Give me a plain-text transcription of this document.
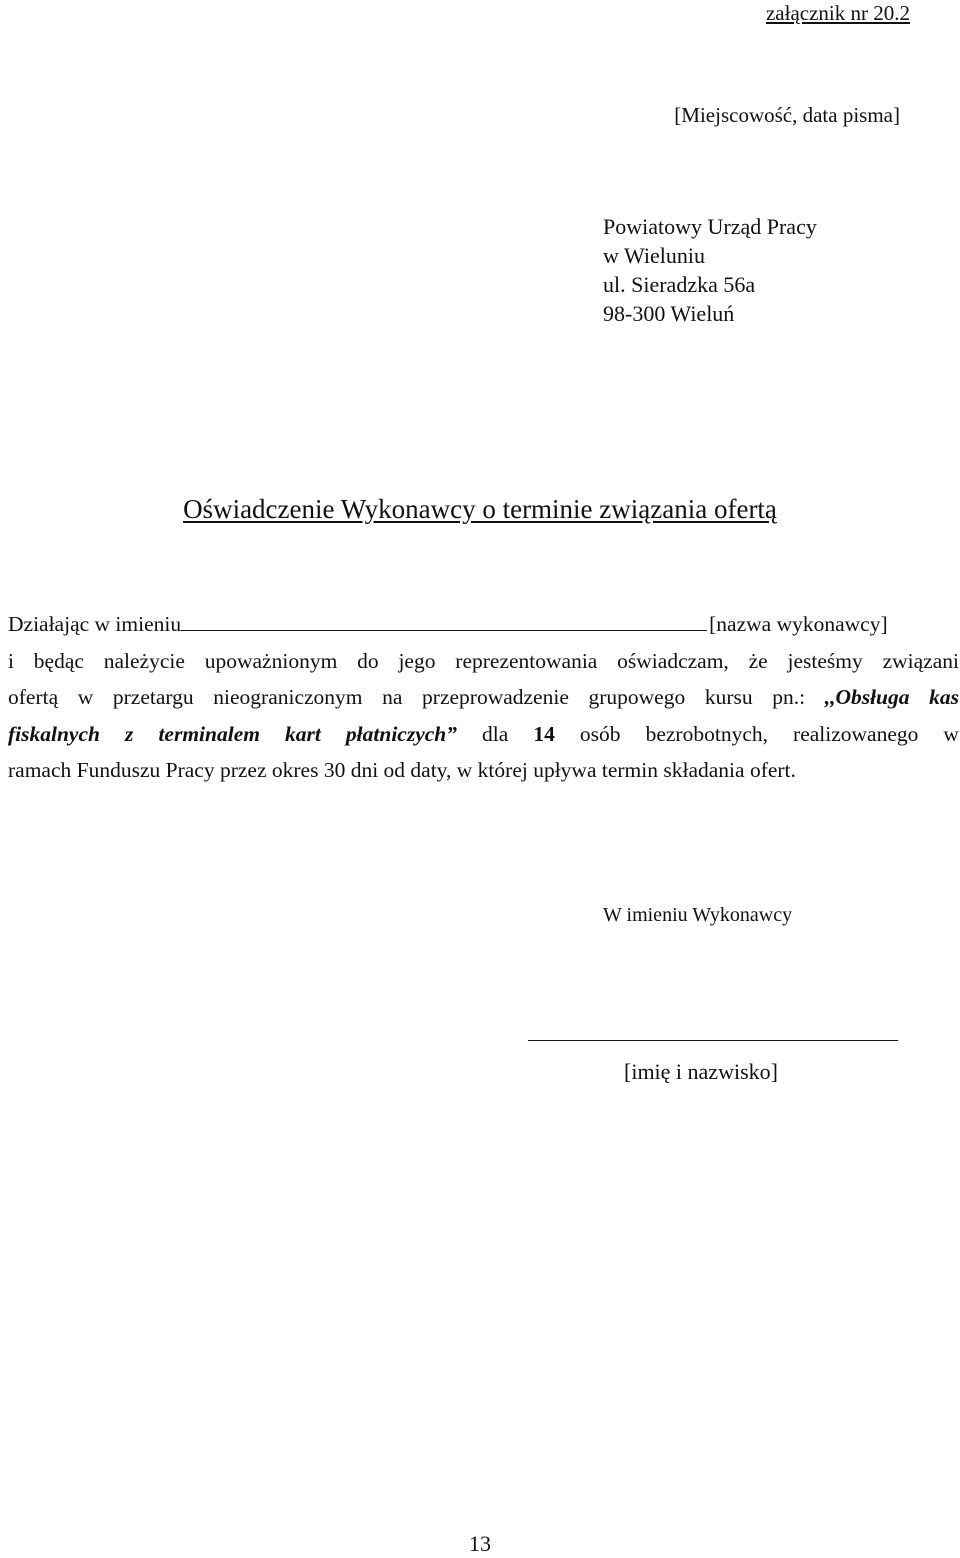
załącznik nr 20.2
[Miejscowość, data pisma]
Powiatowy Urząd Pracy
w Wieluniu
ul. Sieradzka 56a
98-300 Wieluń
Oświadczenie Wykonawcy o terminie związania ofertą
Działając w imieniu	[nazwa wykonawcy]
i będąc należycie upoważnionym do jego reprezentowania oświadczam, że jesteśmy związani
ofertą w przetargu nieograniczonym na przeprowadzenie grupowego kursu pn.: ,,Obsługa kas
fiskalnych z terminalem kart płatniczych” dla 14 osób bezrobotnych, realizowanego w
ramach Funduszu Pracy przez okres 30 dni od daty, w której upływa termin składania ofert.
W imieniu Wykonawcy
[imię i nazwisko]
13
